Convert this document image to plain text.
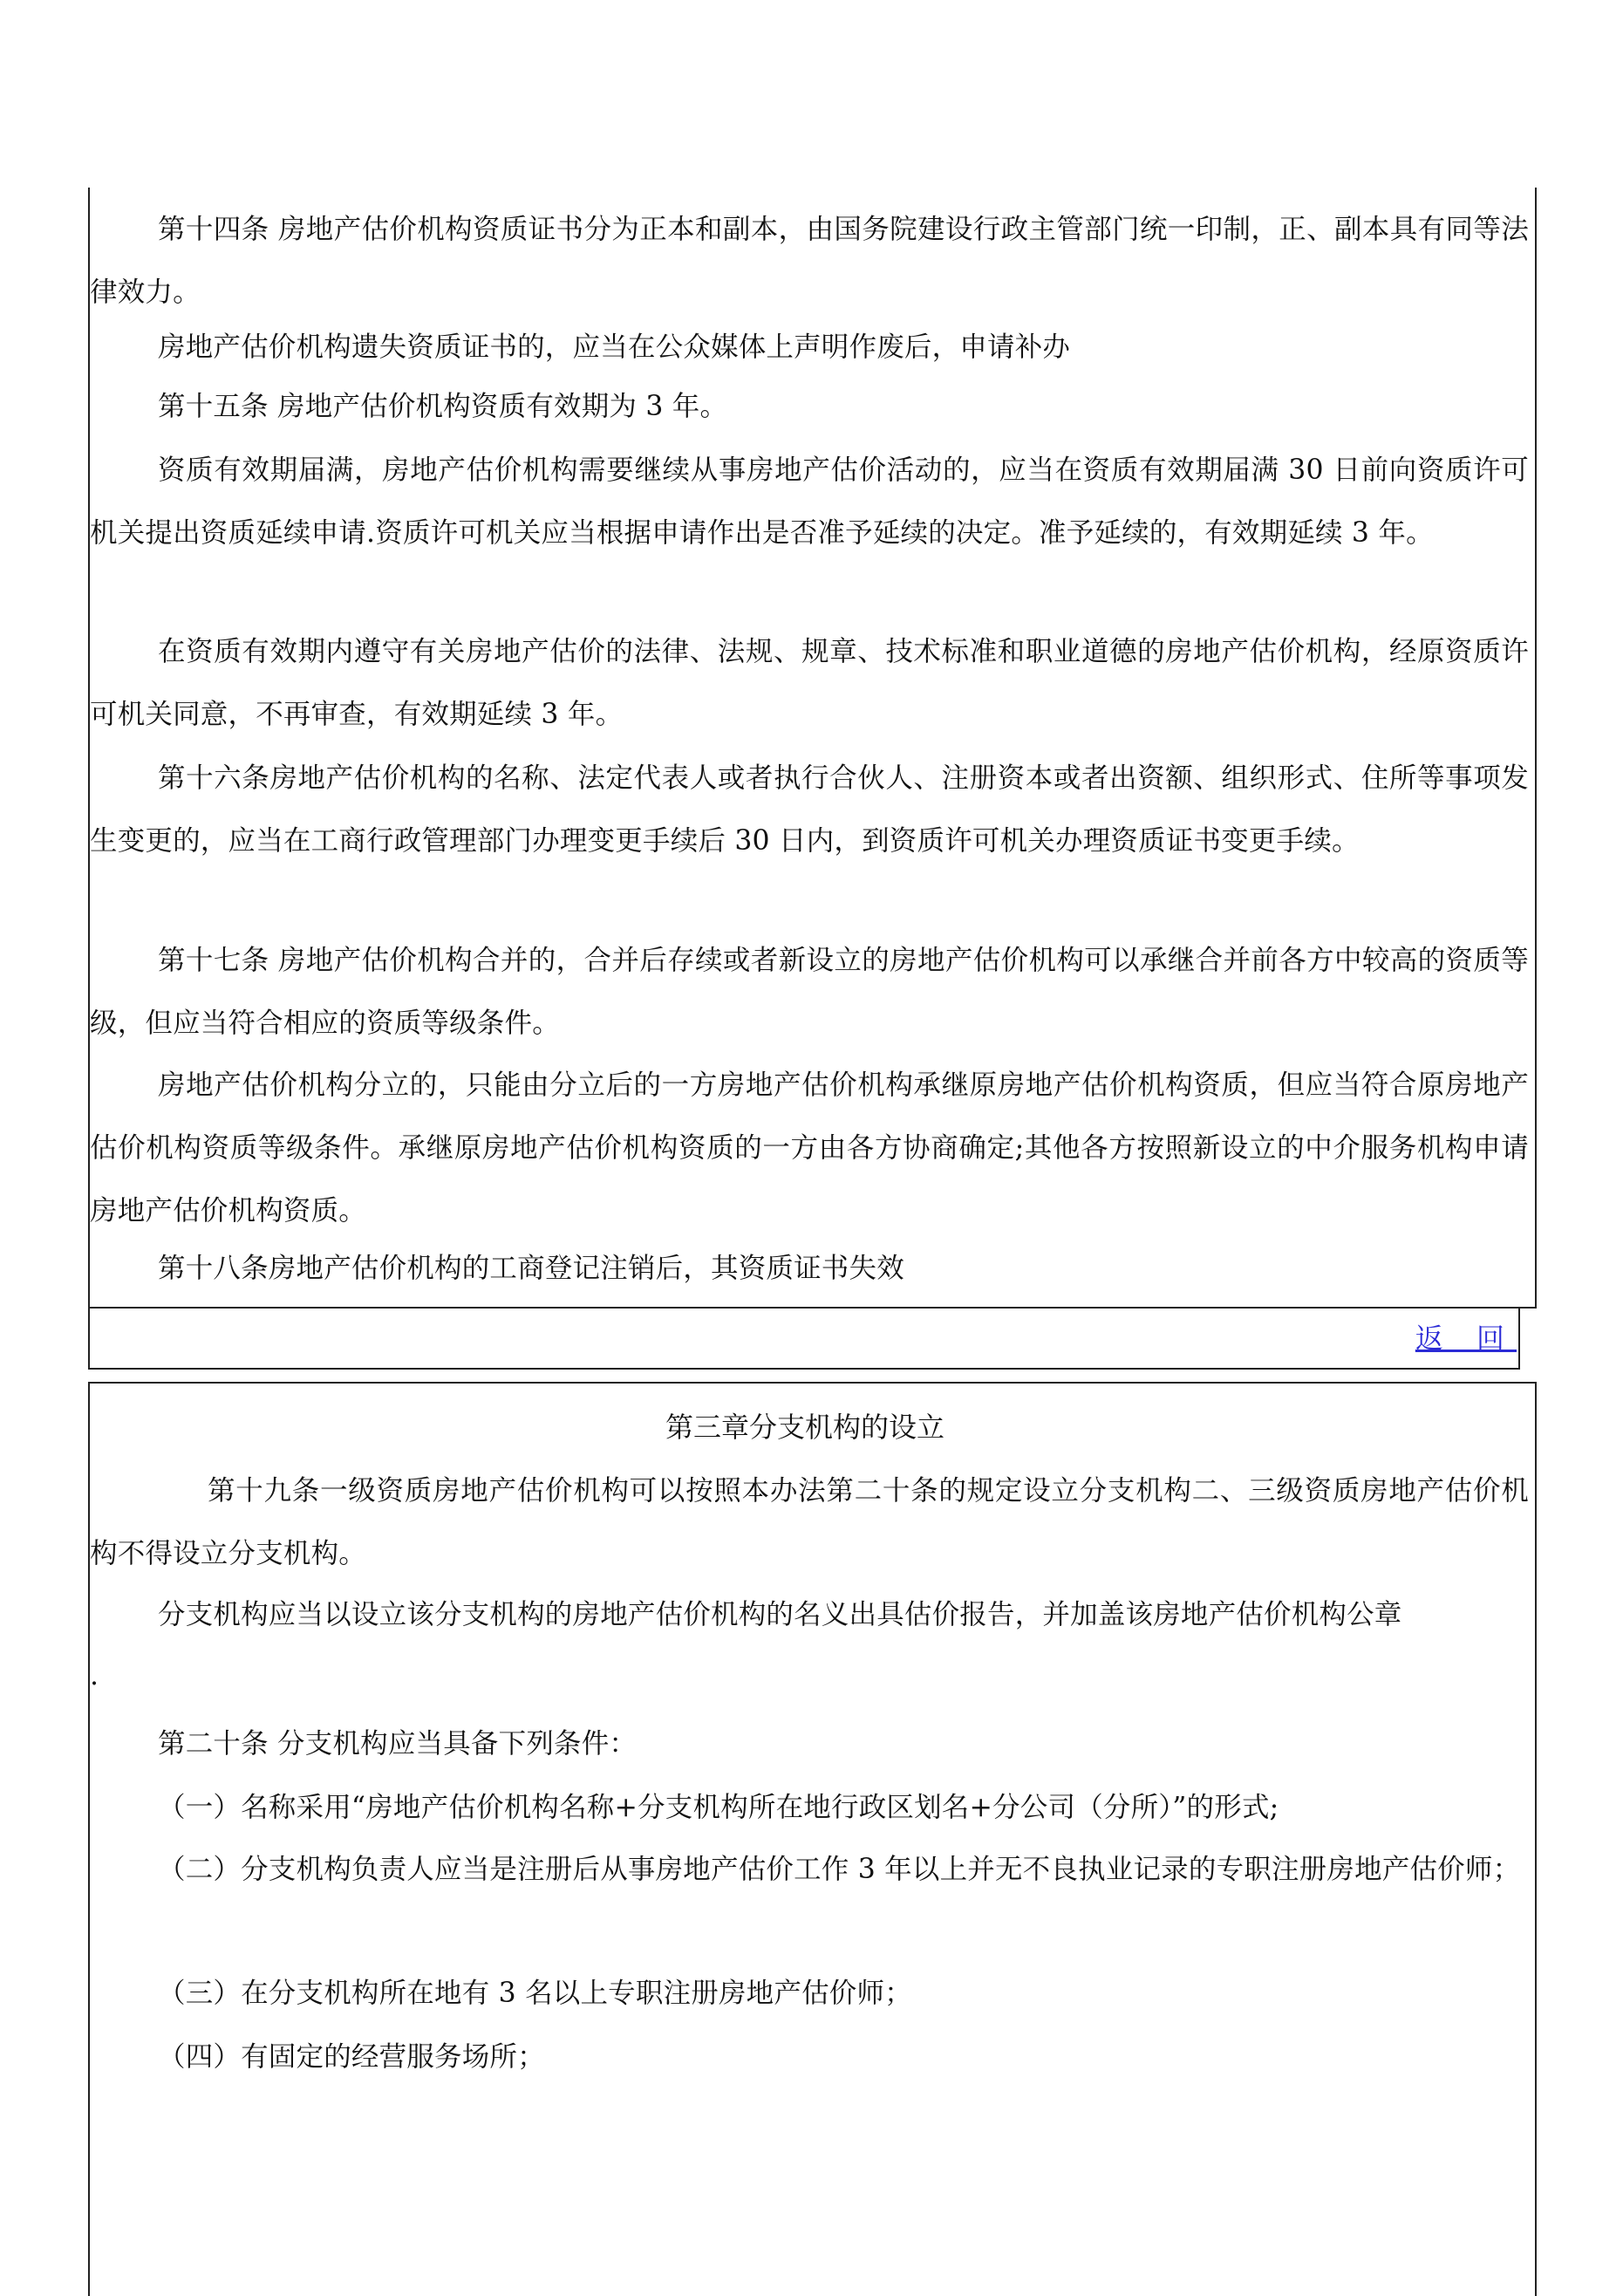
第十四条 房地产估价机构资质证书分为正本和副本，由国务院建设行政主管部门统一印制，正、副本具有同等法律效力。

房地产估价机构遗失资质证书的，应当在公众媒体上声明作废后，申请补办

第十五条 房地产估价机构资质有效期为 3 年。

资质有效期届满，房地产估价机构需要继续从事房地产估价活动的，应当在资质有效期届满 30 日前向资质许可机关提出资质延续申请.资质许可机关应当根据申请作出是否准予延续的决定。准予延续的，有效期延续 3 年。

在资质有效期内遵守有关房地产估价的法律、法规、规章、技术标准和职业道德的房地产估价机构，经原资质许可机关同意，不再审查，有效期延续 3 年。

第十六条房地产估价机构的名称、法定代表人或者执行合伙人、注册资本或者出资额、组织形式、住所等事项发生变更的，应当在工商行政管理部门办理变更手续后 30 日内，到资质许可机关办理资质证书变更手续。

第十七条 房地产估价机构合并的，合并后存续或者新设立的房地产估价机构可以承继合并前各方中较高的资质等级，但应当符合相应的资质等级条件。

房地产估价机构分立的，只能由分立后的一方房地产估价机构承继原房地产估价机构资质，但应当符合原房地产估价机构资质等级条件。承继原房地产估价机构资质的一方由各方协商确定;其他各方按照新设立的中介服务机构申请房地产估价机构资质。

第十八条房地产估价机构的工商登记注销后，其资质证书失效

返 回

第三章分支机构的设立

第十九条一级资质房地产估价机构可以按照本办法第二十条的规定设立分支机构二、三级资质房地产估价机构不得设立分支机构。

分支机构应当以设立该分支机构的房地产估价机构的名义出具估价报告，并加盖该房地产估价机构公章

.

第二十条 分支机构应当具备下列条件：

（一）名称采用“房地产估价机构名称+分支机构所在地行政区划名+分公司（分所）”的形式;

（二）分支机构负责人应当是注册后从事房地产估价工作 3 年以上并无不良执业记录的专职注册房地产估价师；

（三）在分支机构所在地有 3 名以上专职注册房地产估价师；

（四）有固定的经营服务场所；
